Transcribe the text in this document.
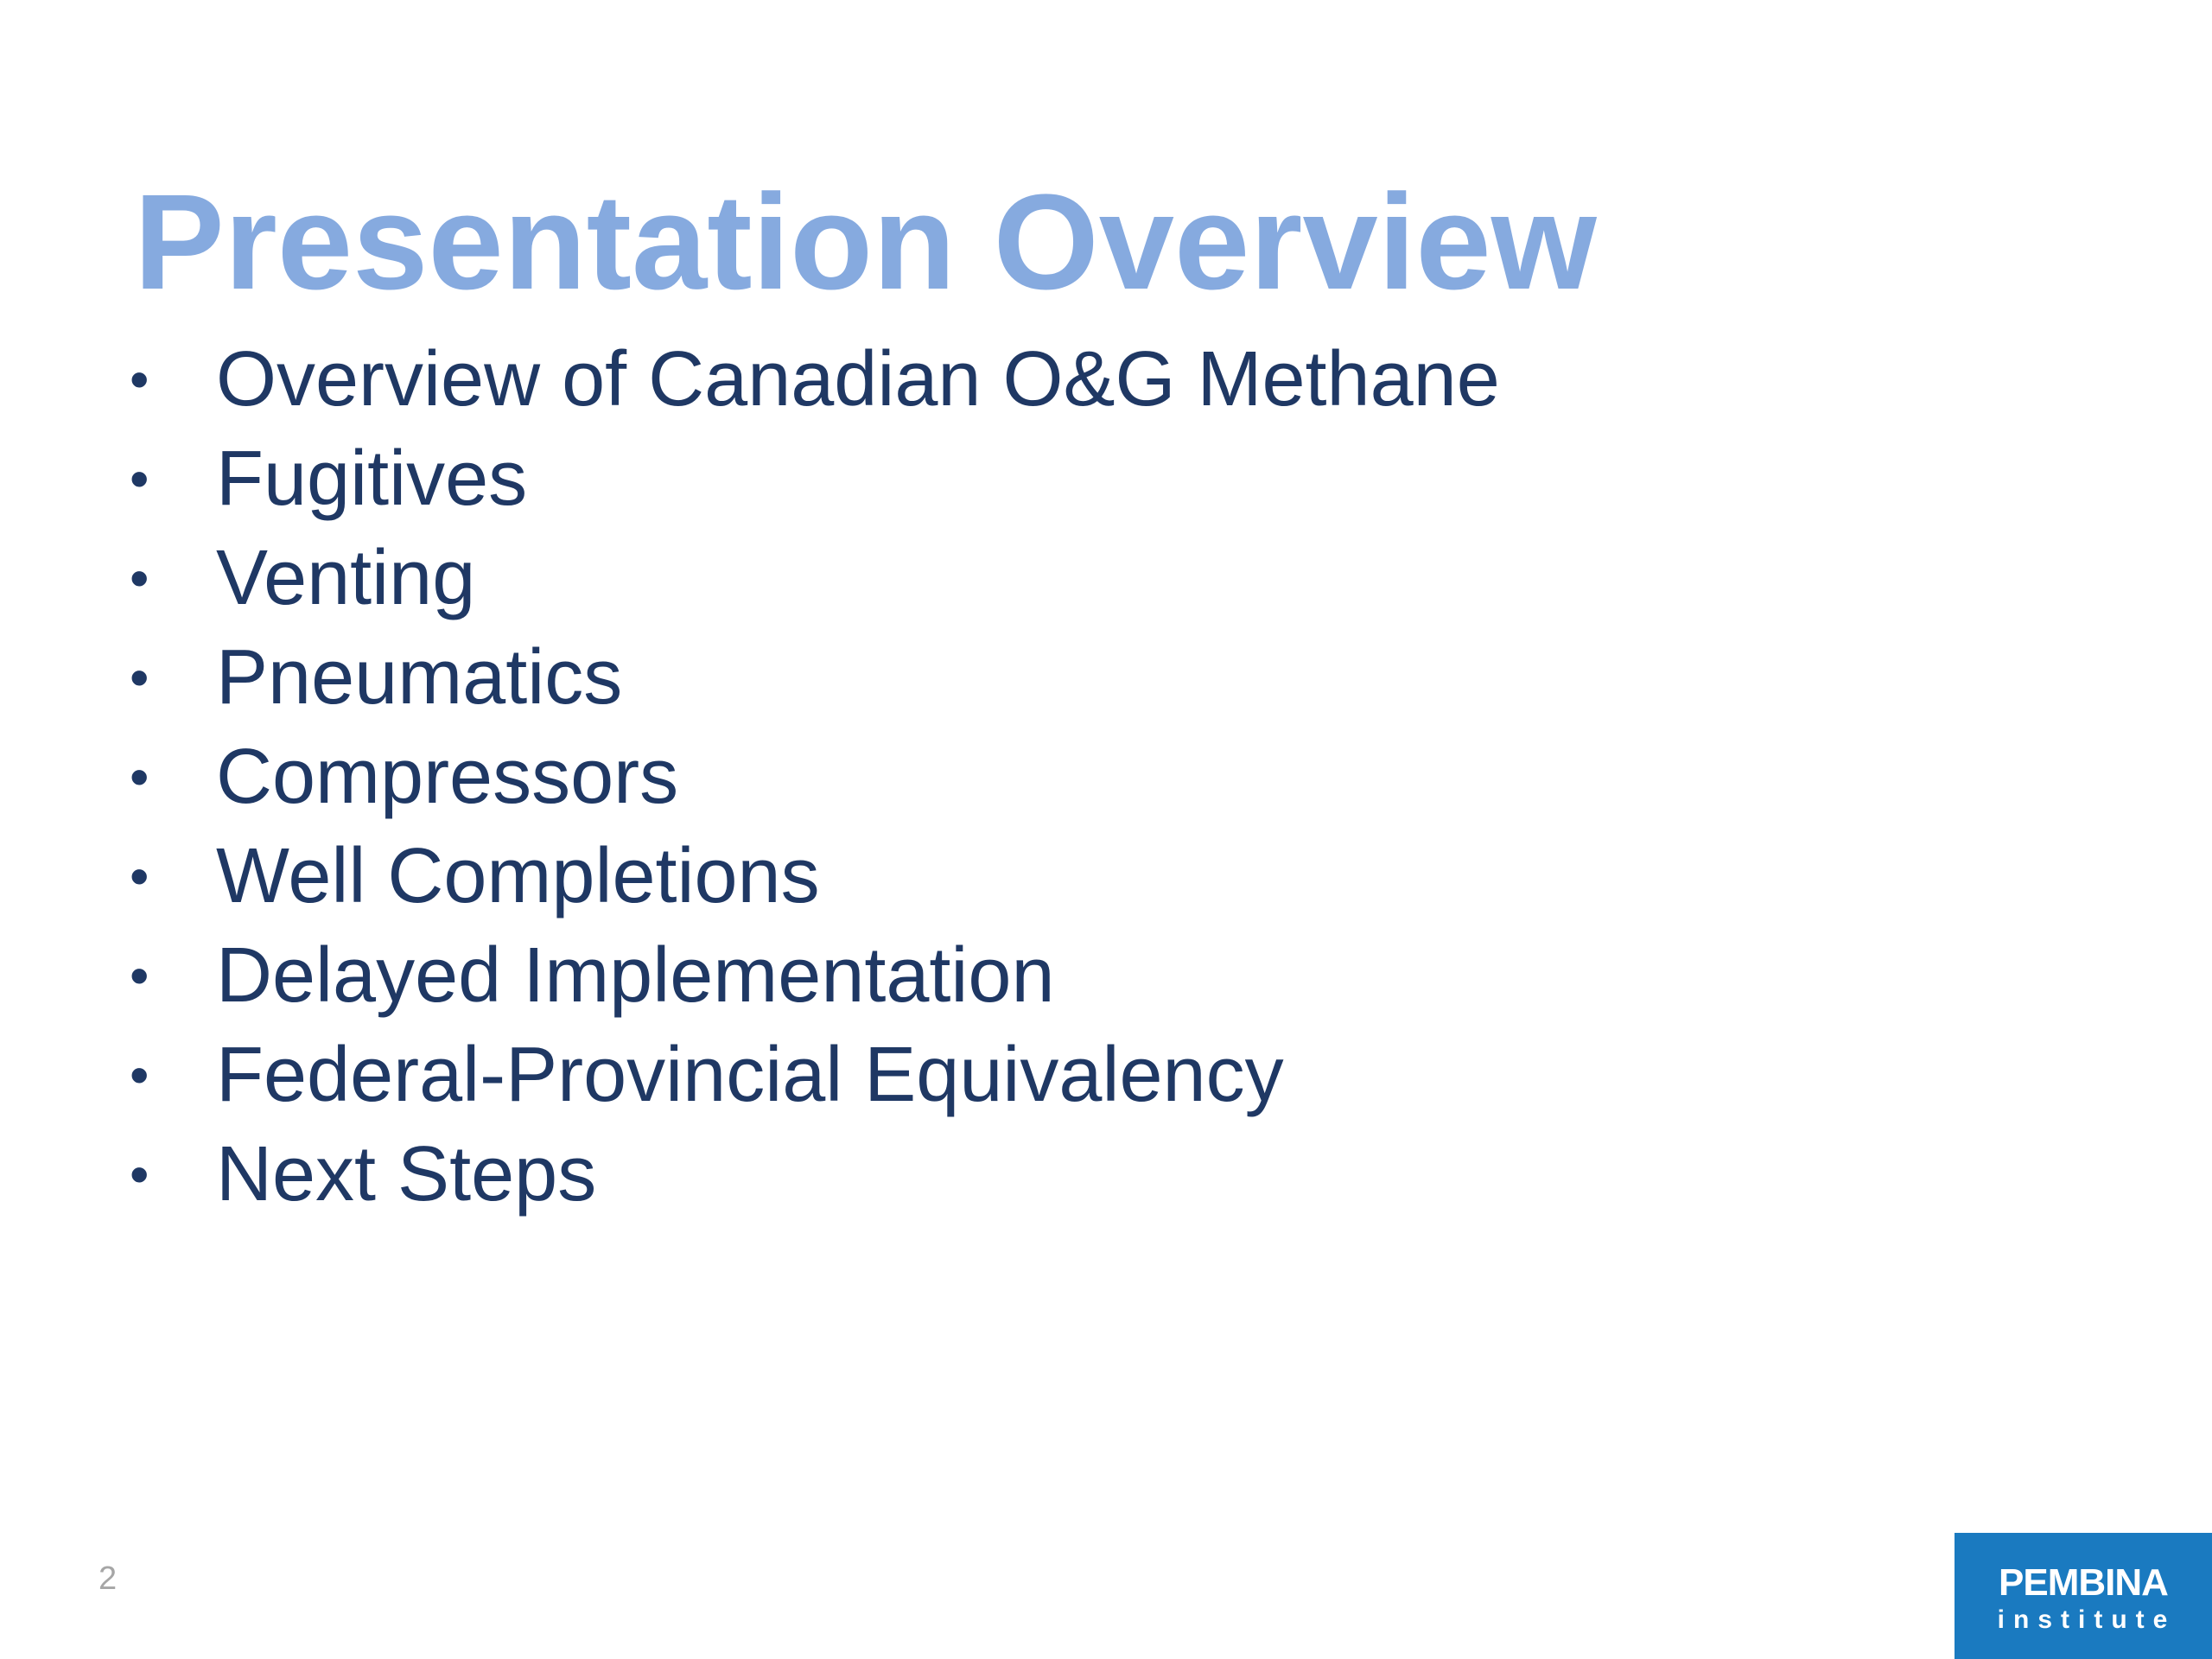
Presentation Overview
• Overview of Canadian O&G Methane
• Fugitives
• Venting
• Pneumatics
• Compressors
• Well Completions
• Delayed Implementation
• Federal-Provincial Equivalency
• Next Steps
2	PEMBINA
institute
